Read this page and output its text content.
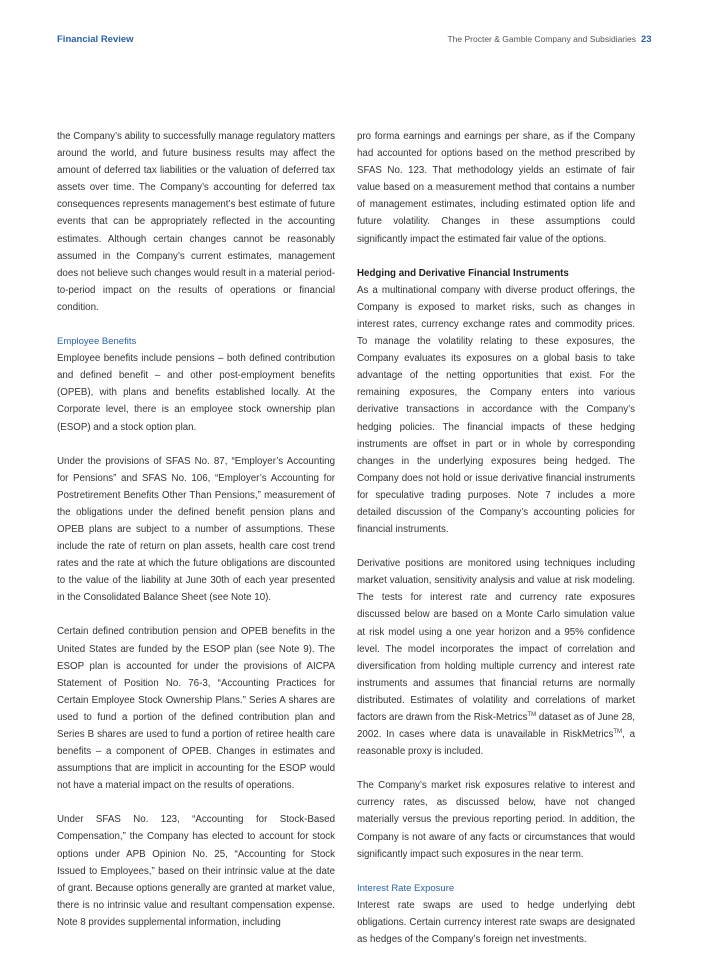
Financial Review	The Procter & Gamble Company and Subsidiaries 23

the Company’s ability to successfully manage regulatory matters around the world, and future business results may affect the amount of deferred tax liabilities or the valuation of deferred tax assets over time. The Company’s accounting for deferred tax consequences represents management’s best estimate of future events that can be appropriately reflected in the accounting estimates. Although certain changes cannot be reasonably assumed in the Company’s current estimates, management does not believe such changes would result in a material period-to-period impact on the results of operations or financial condition.

Employee Benefits
Employee benefits include pensions – both defined contribution and defined benefit – and other post-employment benefits (OPEB), with plans and benefits established locally. At the Corporate level, there is an employee stock ownership plan (ESOP) and a stock option plan.

Under the provisions of SFAS No. 87, “Employer’s Accounting for Pensions” and SFAS No. 106, “Employer’s Accounting for Postretirement Benefits Other Than Pensions,” measurement of the obligations under the defined benefit pension plans and OPEB plans are subject to a number of assumptions. These include the rate of return on plan assets, health care cost trend rates and the rate at which the future obligations are discounted to the value of the liability at June 30th of each year presented in the Consolidated Balance Sheet (see Note 10).

Certain defined contribution pension and OPEB benefits in the United States are funded by the ESOP plan (see Note 9). The ESOP plan is accounted for under the provisions of AICPA Statement of Position No. 76-3, “Accounting Practices for Certain Employee Stock Ownership Plans.” Series A shares are used to fund a portion of the defined contribution plan and Series B shares are used to fund a portion of retiree health care benefits – a component of OPEB. Changes in estimates and assumptions that are implicit in accounting for the ESOP would not have a material impact on the results of operations.

Under SFAS No. 123, “Accounting for Stock-Based Compensation,” the Company has elected to account for stock options under APB Opinion No. 25, “Accounting for Stock Issued to Employees,” based on their intrinsic value at the date of grant. Because options generally are granted at market value, there is no intrinsic value and resultant compensation expense. Note 8 provides supplemental information, including

pro forma earnings and earnings per share, as if the Company had accounted for options based on the method prescribed by SFAS No. 123. That methodology yields an estimate of fair value based on a measurement method that contains a number of management estimates, including estimated option life and future volatility. Changes in these assumptions could significantly impact the estimated fair value of the options.

Hedging and Derivative Financial Instruments
As a multinational company with diverse product offerings, the Company is exposed to market risks, such as changes in interest rates, currency exchange rates and commodity prices. To manage the volatility relating to these exposures, the Company evaluates its exposures on a global basis to take advantage of the netting opportunities that exist. For the remaining exposures, the Company enters into various derivative transactions in accordance with the Company’s hedging policies. The financial impacts of these hedging instruments are offset in part or in whole by corresponding changes in the underlying exposures being hedged. The Company does not hold or issue derivative financial instruments for speculative trading purposes. Note 7 includes a more detailed discussion of the Company’s accounting policies for financial instruments.

Derivative positions are monitored using techniques including market valuation, sensitivity analysis and value at risk modeling. The tests for interest rate and currency rate exposures discussed below are based on a Monte Carlo simulation value at risk model using a one year horizon and a 95% confidence level. The model incorporates the impact of correlation and diversification from holding multiple currency and interest rate instruments and assumes that financial returns are normally distributed. Estimates of volatility and correlations of market factors are drawn from the Risk-Metrics™ dataset as of June 28, 2002. In cases where data is unavailable in RiskMetrics™, a reasonable proxy is included.

The Company’s market risk exposures relative to interest and currency rates, as discussed below, have not changed materially versus the previous reporting period. In addition, the Company is not aware of any facts or circumstances that would significantly impact such exposures in the near term.

Interest Rate Exposure
Interest rate swaps are used to hedge underlying debt obligations. Certain currency interest rate swaps are designated as hedges of the Company’s foreign net investments.
